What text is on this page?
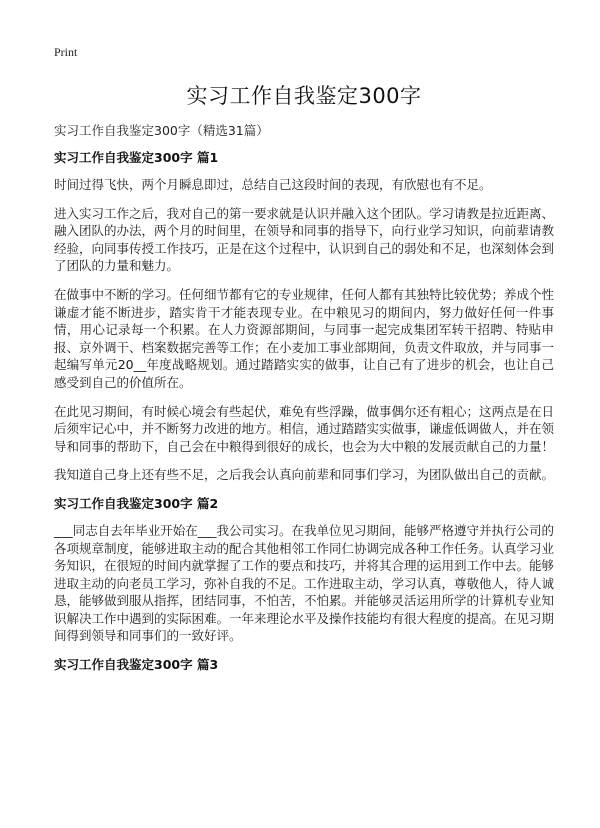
Print
实习工作自我鉴定300字
实习工作自我鉴定300字（精选31篇）
实习工作自我鉴定300字 篇1

时间过得飞快，两个月瞬息即过，总结自己这段时间的表现，有欣慰也有不足。

进入实习工作之后，我对自己的第一要求就是认识并融入这个团队。学习请教是拉近距离、融入团队的办法，两个月的时间里，在领导和同事的指导下，向行业学习知识，向前辈请教经验，向同事传授工作技巧，正是在这个过程中，认识到自己的弱处和不足，也深刻体会到了团队的力量和魅力。

在做事中不断的学习。任何细节都有它的专业规律，任何人都有其独特比较优势；养成个性谦虚才能不断进步，踏实肯干才能表现专业。在中粮见习的期间内，努力做好任何一件事情，用心记录每一个积累。在人力资源部期间，与同事一起完成集团军转干招聘、特贴申报、京外调干、档案数据完善等工作；在小麦加工事业部期间，负责文件取放，并与同事一起编写单元20__年度战略规划。通过踏踏实实的做事，让自己有了进步的机会，也让自己感受到自己的价值所在。

在此见习期间，有时候心境会有些起伏，难免有些浮躁，做事偶尔还有粗心；这两点是在日后须牢记心中，并不断努力改进的地方。相信，通过踏踏实实做事，谦虚低调做人，并在领导和同事的帮助下，自己会在中粮得到很好的成长，也会为大中粮的发展贡献自己的力量！

我知道自己身上还有些不足，之后我会认真向前辈和同事们学习，为团队做出自己的贡献。

实习工作自我鉴定300字 篇2

___同志自去年毕业开始在___我公司实习。在我单位见习期间，能够严格遵守并执行公司的各项规章制度，能够进取主动的配合其他相邻工作同仁协调完成各种工作任务。认真学习业务知识，在很短的时间内就掌握了工作的要点和技巧，并将其合理的运用到工作中去。能够进取主动的向老员工学习，弥补自我的不足。工作进取主动，学习认真，尊敬他人，待人诚恳，能够做到服从指挥，团结同事，不怕苦，不怕累。并能够灵活运用所学的计算机专业知识解决工作中遇到的实际困难。一年来理论水平及操作技能均有很大程度的提高。在见习期间得到领导和同事们的一致好评。

实习工作自我鉴定300字 篇3
